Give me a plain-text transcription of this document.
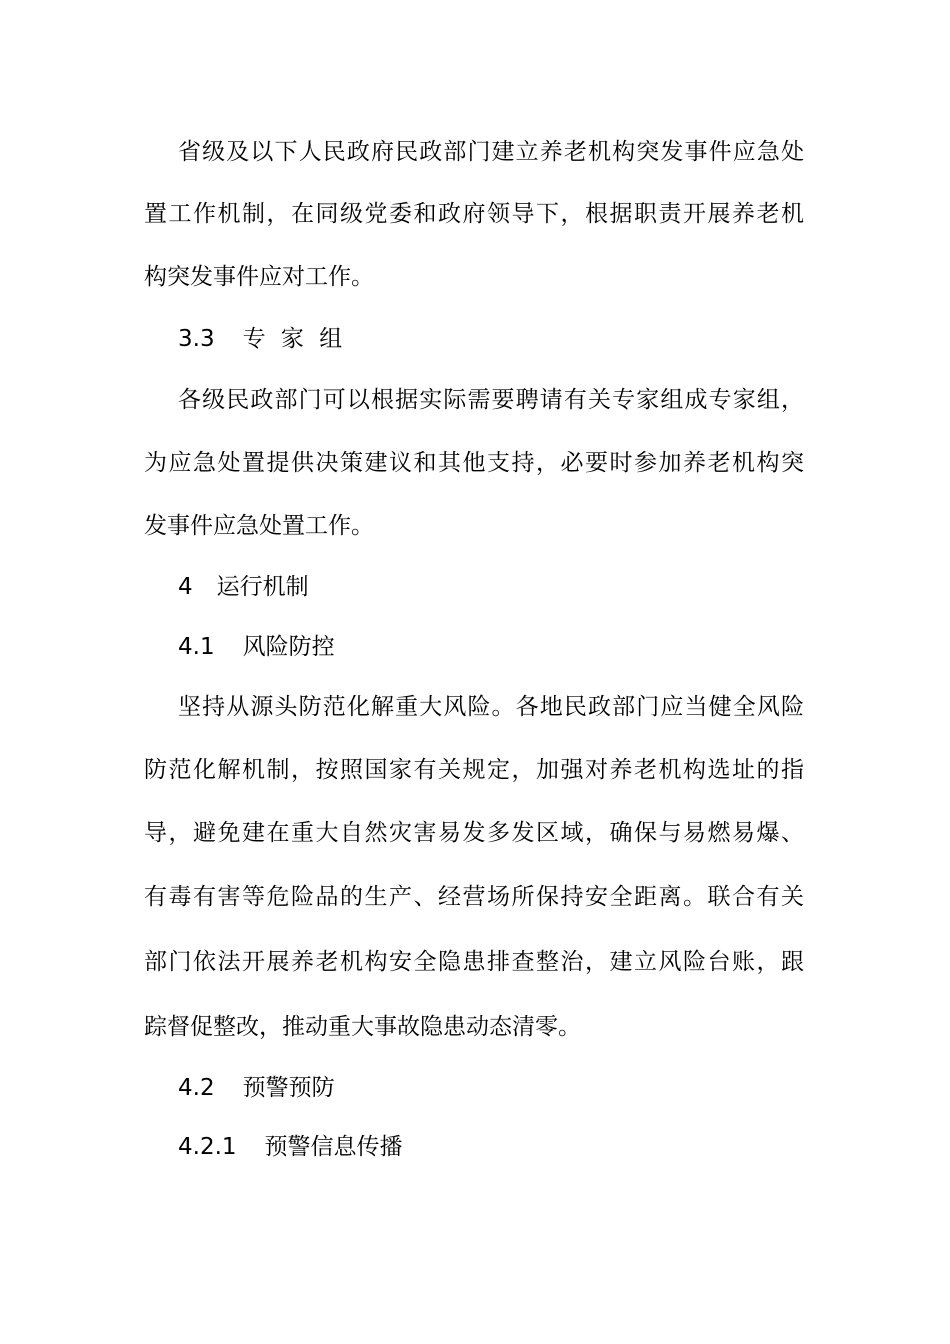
省级及以下人民政府民政部门建立养老机构突发事件应急处
置工作机制，在同级党委和政府领导下，根据职责开展养老机
构突发事件应对工作。
3.3 专 家 组
各级民政部门可以根据实际需要聘请有关专家组成专家组，
为应急处置提供决策建议和其他支持，必要时参加养老机构突
发事件应急处置工作。
4 运行机制
4.1 风险防控
坚持从源头防范化解重大风险。各地民政部门应当健全风险
防范化解机制，按照国家有关规定，加强对养老机构选址的指
导，避免建在重大自然灾害易发多发区域，确保与易燃易爆、
有毒有害等危险品的生产、经营场所保持安全距离。联合有关
部门依法开展养老机构安全隐患排查整治，建立风险台账，跟
踪督促整改，推动重大事故隐患动态清零。
4.2 预警预防
4.2.1 预警信息传播
